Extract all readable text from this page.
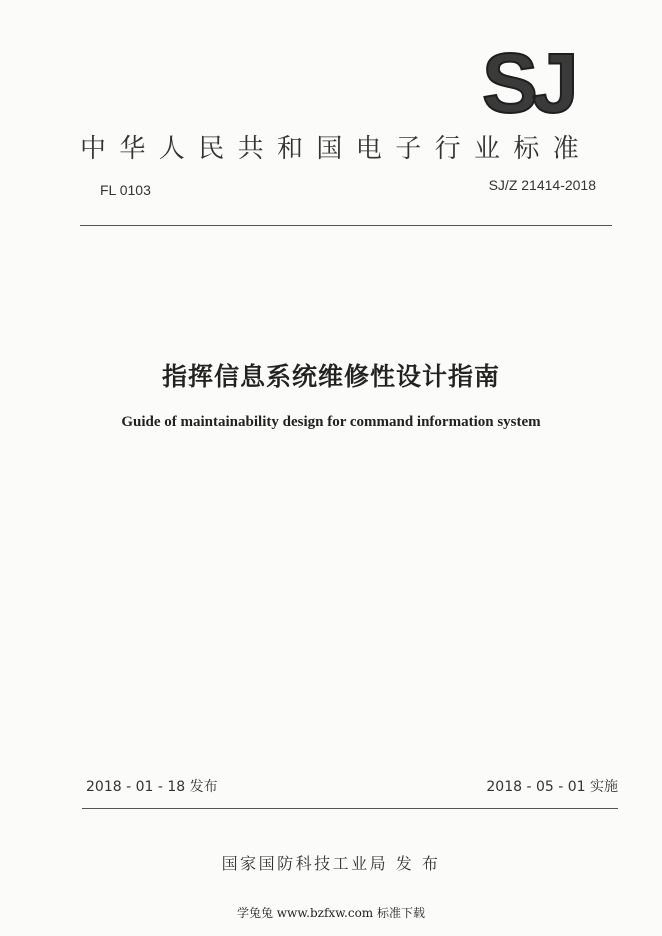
SJ
中华人民共和国电子行业标准
FL 0103	SJ/Z 21414-2018
指挥信息系统维修性设计指南
Guide of maintainability design for command information system
2018 - 01 - 18 发布	2018 - 05 - 01 实施
国家国防科技工业局 发 布
学兔兔 www.bzfxw.com 标准下载
